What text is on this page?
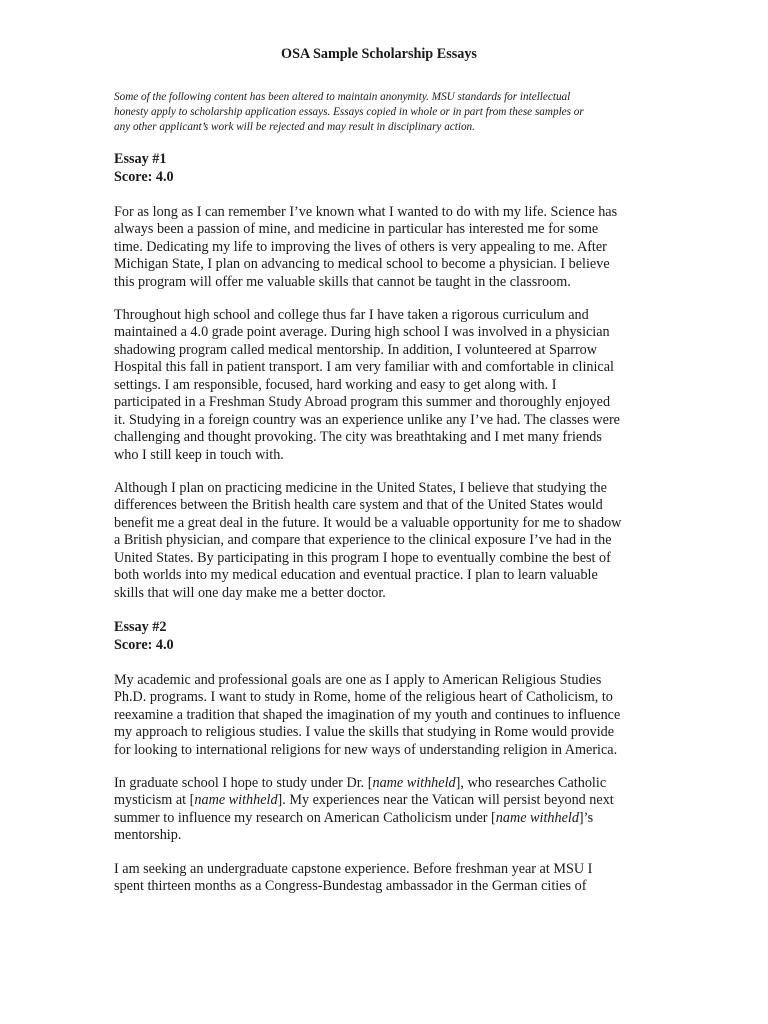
OSA Sample Scholarship Essays

Some of the following content has been altered to maintain anonymity. MSU standards for intellectual
honesty apply to scholarship application essays. Essays copied in whole or in part from these samples or
any other applicant’s work will be rejected and may result in disciplinary action.

Essay #1
Score: 4.0

For as long as I can remember I’ve known what I wanted to do with my life. Science has
always been a passion of mine, and medicine in particular has interested me for some
time. Dedicating my life to improving the lives of others is very appealing to me. After
Michigan State, I plan on advancing to medical school to become a physician. I believe
this program will offer me valuable skills that cannot be taught in the classroom.

Throughout high school and college thus far I have taken a rigorous curriculum and
maintained a 4.0 grade point average. During high school I was involved in a physician
shadowing program called medical mentorship. In addition, I volunteered at Sparrow
Hospital this fall in patient transport. I am very familiar with and comfortable in clinical
settings. I am responsible, focused, hard working and easy to get along with. I
participated in a Freshman Study Abroad program this summer and thoroughly enjoyed
it. Studying in a foreign country was an experience unlike any I’ve had. The classes were
challenging and thought provoking. The city was breathtaking and I met many friends
who I still keep in touch with.

Although I plan on practicing medicine in the United States, I believe that studying the
differences between the British health care system and that of the United States would
benefit me a great deal in the future. It would be a valuable opportunity for me to shadow
a British physician, and compare that experience to the clinical exposure I’ve had in the
United States. By participating in this program I hope to eventually combine the best of
both worlds into my medical education and eventual practice. I plan to learn valuable
skills that will one day make me a better doctor.

Essay #2
Score: 4.0

My academic and professional goals are one as I apply to American Religious Studies
Ph.D. programs. I want to study in Rome, home of the religious heart of Catholicism, to
reexamine a tradition that shaped the imagination of my youth and continues to influence
my approach to religious studies. I value the skills that studying in Rome would provide
for looking to international religions for new ways of understanding religion in America.

In graduate school I hope to study under Dr. [name withheld], who researches Catholic
mysticism at [name withheld]. My experiences near the Vatican will persist beyond next
summer to influence my research on American Catholicism under [name withheld]’s
mentorship.

I am seeking an undergraduate capstone experience. Before freshman year at MSU I
spent thirteen months as a Congress-Bundestag ambassador in the German cities of
